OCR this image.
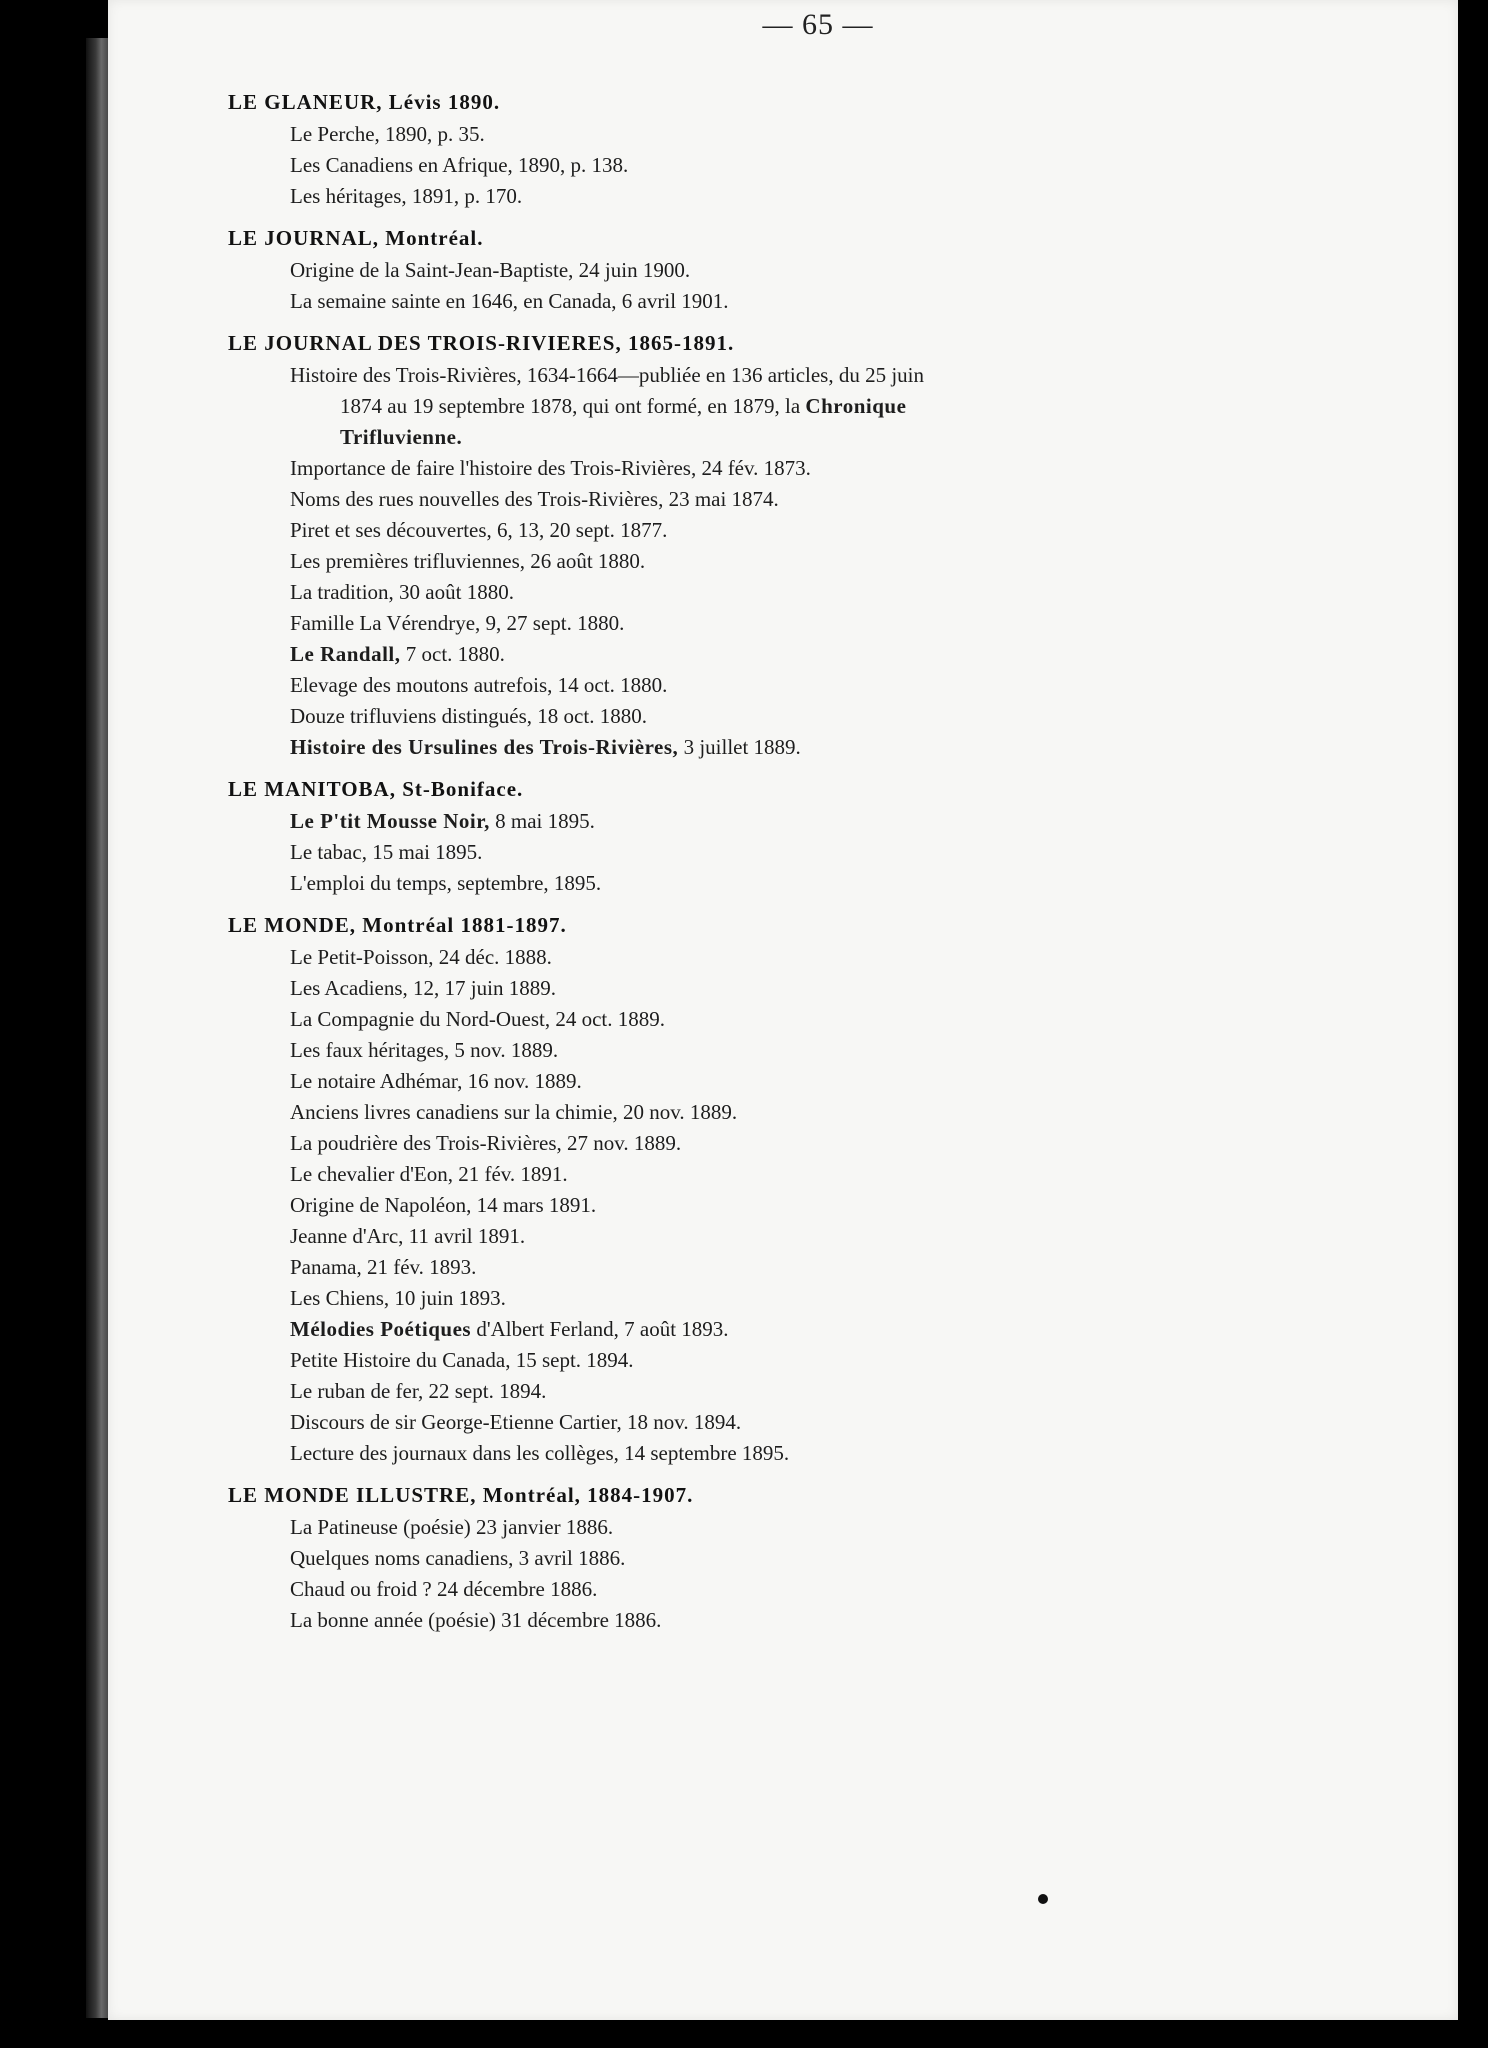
— 65 —

LE GLANEUR, Lévis 1890.

Le Perche, 1890, p. 35.
Les Canadiens en Afrique, 1890, p. 138.
Les héritages, 1891, p. 170.

LE JOURNAL, Montréal.

Origine de la Saint-Jean-Baptiste, 24 juin 1900.
La semaine sainte en 1646, en Canada, 6 avril 1901.

LE JOURNAL DES TROIS-RIVIERES, 1865-1891.

Histoire des Trois-Rivières, 1634-1664—publiée en 136 articles, du 25 juin
1874 au 19 septembre 1878, qui ont formé, en 1879, la Chronique
Trifluvienne.
Importance de faire l'histoire des Trois-Rivières, 24 fév. 1873.
Noms des rues nouvelles des Trois-Rivières, 23 mai 1874.
Piret et ses découvertes, 6, 13, 20 sept. 1877.
Les premières trifluviennes, 26 août 1880.
La tradition, 30 août 1880.
Famille La Vérendrye, 9, 27 sept. 1880.
Le Randall, 7 oct. 1880.
Elevage des moutons autrefois, 14 oct. 1880.
Douze trifluviens distingués, 18 oct. 1880.
Histoire des Ursulines des Trois-Rivières, 3 juillet 1889.

LE MANITOBA, St-Boniface.

Le P'tit Mousse Noir, 8 mai 1895.
Le tabac, 15 mai 1895.
L'emploi du temps, septembre, 1895.

LE MONDE, Montréal 1881-1897.

Le Petit-Poisson, 24 déc. 1888.
Les Acadiens, 12, 17 juin 1889.
La Compagnie du Nord-Ouest, 24 oct. 1889.
Les faux héritages, 5 nov. 1889.
Le notaire Adhémar, 16 nov. 1889.
Anciens livres canadiens sur la chimie, 20 nov. 1889.
La poudrière des Trois-Rivières, 27 nov. 1889.
Le chevalier d'Eon, 21 fév. 1891.
Origine de Napoléon, 14 mars 1891.
Jeanne d'Arc, 11 avril 1891.
Panama, 21 fév. 1893.
Les Chiens, 10 juin 1893.
Mélodies Poétiques d'Albert Ferland, 7 août 1893.
Petite Histoire du Canada, 15 sept. 1894.
Le ruban de fer, 22 sept. 1894.
Discours de sir George-Etienne Cartier, 18 nov. 1894.
Lecture des journaux dans les collèges, 14 septembre 1895.

LE MONDE ILLUSTRE, Montréal, 1884-1907.

La Patineuse (poésie) 23 janvier 1886.
Quelques noms canadiens, 3 avril 1886.
Chaud ou froid ? 24 décembre 1886.
La bonne année (poésie) 31 décembre 1886.
